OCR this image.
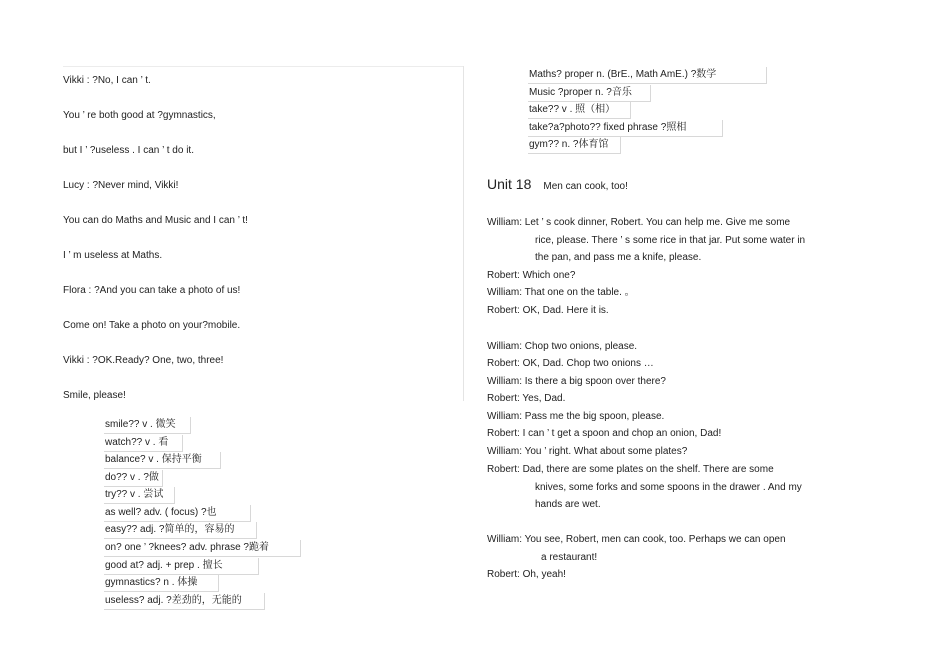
Vikki : ?No, I can ’ t.
You ’ re both good at ?gymnastics,
but I ’ ?useless . I can ’ t do it.
Lucy : ?Never mind, Vikki!
You can do Maths and Music and I can ’ t!
I ’ m useless at Maths.
Flora : ?And you can take a photo of us!
Come on! Take a photo on your?mobile.
Vikki : ?OK.Ready? One, two, three!
Smile, please!
smile?? v . 微笑
watch?? v . 看
balance? v . 保持平衡
do?? v . ?做
try?? v . 尝试
as well? adv. ( focus) ?也
easy?? adj. ?简单的，容易的
on? one ’ ?knees? adv. phrase ?跪着
good at? adj. + prep . 擅长
gymnastics? n . 体操
useless? adj. ?差劲的，无能的
Maths? proper n. (BrE., Math AmE.) ?数学
Music ?proper n. ?音乐
take?? v . 照（相）
take?a?photo?? fixed phrase ?照相
gym?? n. ?体育馆
Unit 18 Men can cook, too!
William: Let ’ s cook dinner, Robert. You can help me. Give me some
rice, please. There ’ s some rice in that jar. Put some water in
the pan, and pass me a knife, please.
Robert: Which one?
William: That one on the table. 。
Robert: OK, Dad. Here it is.
William: Chop two onions, please.
Robert: OK, Dad. Chop two onions …
William: Is there a big spoon over there?
Robert: Yes, Dad.
William: Pass me the big spoon, please.
Robert: I can ’ t get a spoon and chop an onion, Dad!
William: You ’ right. What about some plates?
Robert: Dad, there are some plates on the shelf. There are some
knives, some forks and some spoons in the drawer . And my
hands are wet.
William: You see, Robert, men can cook, too. Perhaps we can open
a restaurant!
Robert: Oh, yeah!
